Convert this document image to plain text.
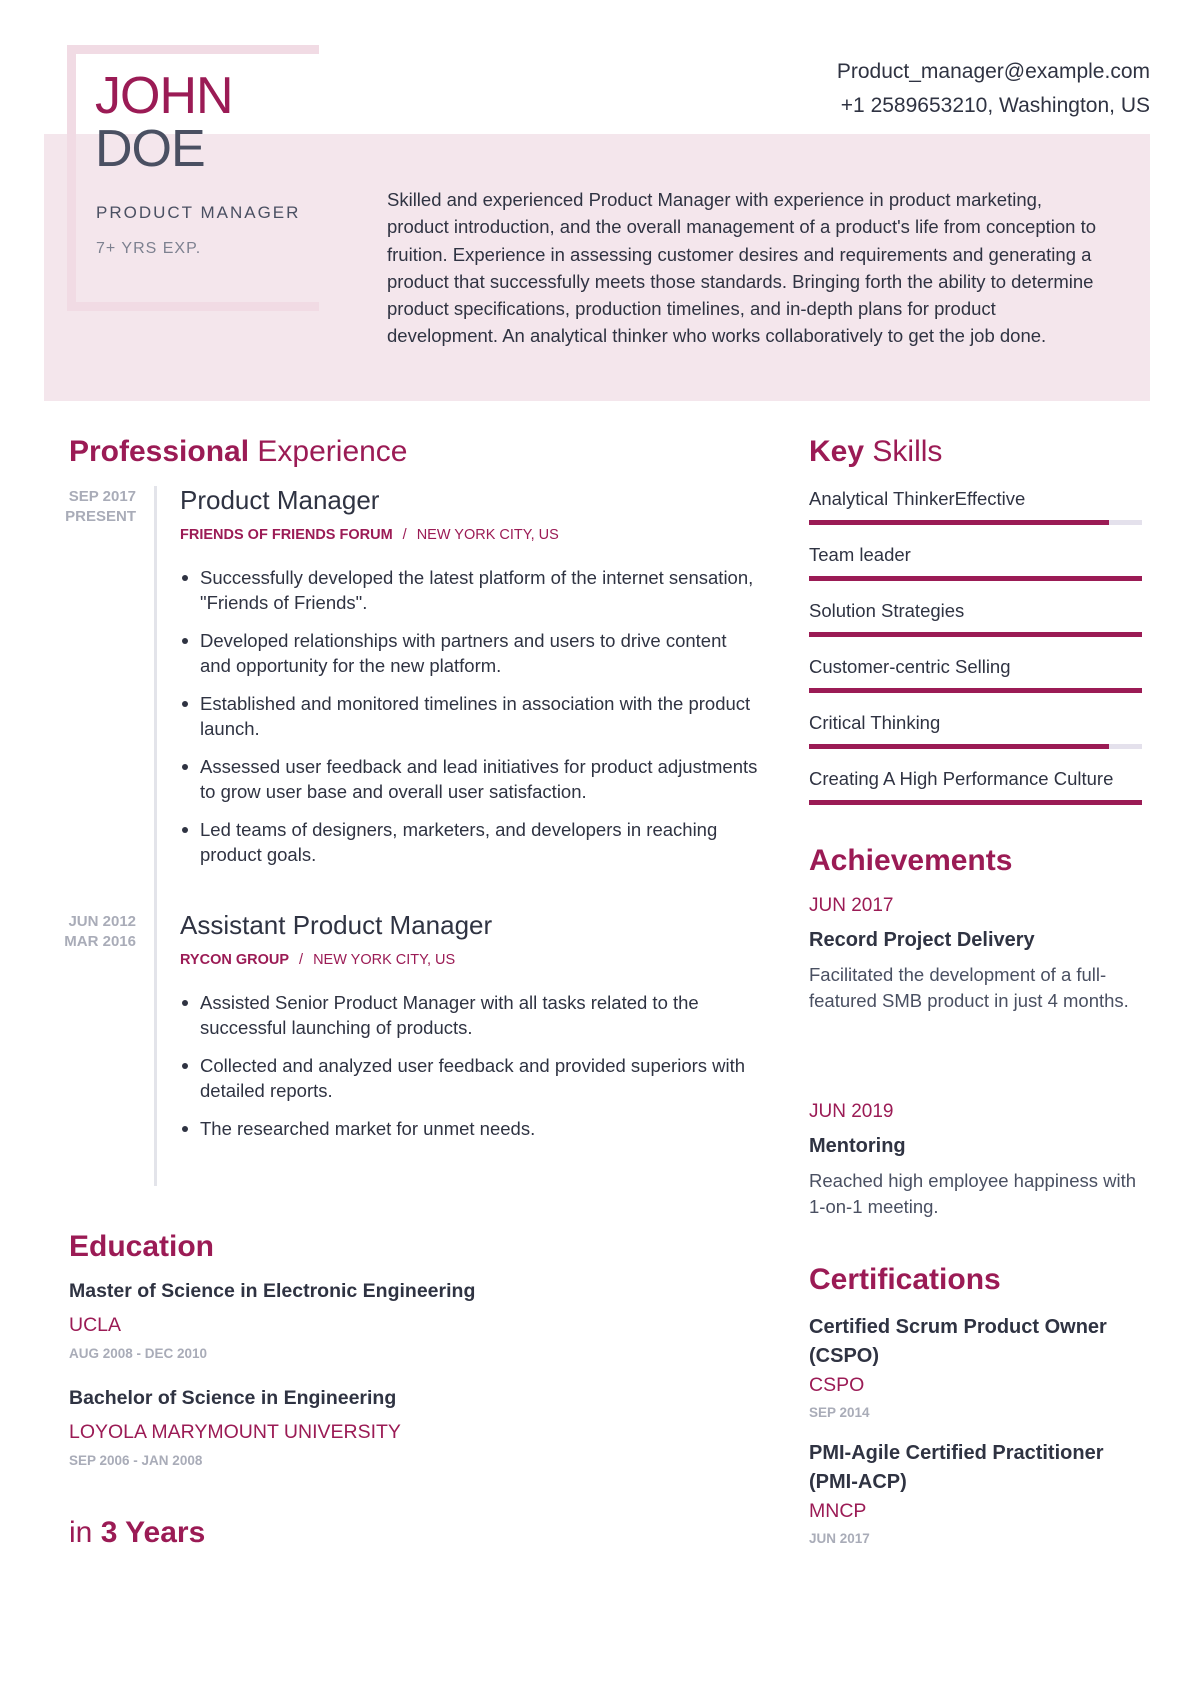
JOHN
DOE
PRODUCT MANAGER
7+ YRS EXP.
Product_manager@example.com
+1 2589653210, Washington, US
Skilled and experienced Product Manager with experience in product marketing, product introduction, and the overall management of a product's life from conception to fruition. Experience in assessing customer desires and requirements and generating a product that successfully meets those standards. Bringing forth the ability to determine product specifications, production timelines, and in-depth plans for product development. An analytical thinker who works collaboratively to get the job done.
Professional Experience
SEP 2017
PRESENT
Product Manager
FRIENDS OF FRIENDS FORUM / NEW YORK CITY, US
Successfully developed the latest platform of the internet sensation, "Friends of Friends".
Developed relationships with partners and users to drive content and opportunity for the new platform.
Established and monitored timelines in association with the product launch.
Assessed user feedback and lead initiatives for product adjustments to grow user base and overall user satisfaction.
Led teams of designers, marketers, and developers in reaching product goals.
JUN 2012
MAR 2016
Assistant Product Manager
RYCON GROUP / NEW YORK CITY, US
Assisted Senior Product Manager with all tasks related to the successful launching of products.
Collected and analyzed user feedback and provided superiors with detailed reports.
The researched market for unmet needs.
Key Skills
Analytical ThinkerEffective
Team leader
Solution Strategies
Customer-centric Selling
Critical Thinking
Creating A High Performance Culture
Achievements
JUN 2017
Record Project Delivery
Facilitated the development of a full-featured SMB product in just 4 months.
JUN 2019
Mentoring
Reached high employee happiness with 1-on-1 meeting.
Education
Master of Science in Electronic Engineering
UCLA
AUG 2008 - DEC 2010
Bachelor of Science in Engineering
LOYOLA MARYMOUNT UNIVERSITY
SEP 2006 - JAN 2008
Certifications
Certified Scrum Product Owner (CSPO)
CSPO
SEP 2014
PMI-Agile Certified Practitioner (PMI-ACP)
MNCP
JUN 2017
in 3 Years
